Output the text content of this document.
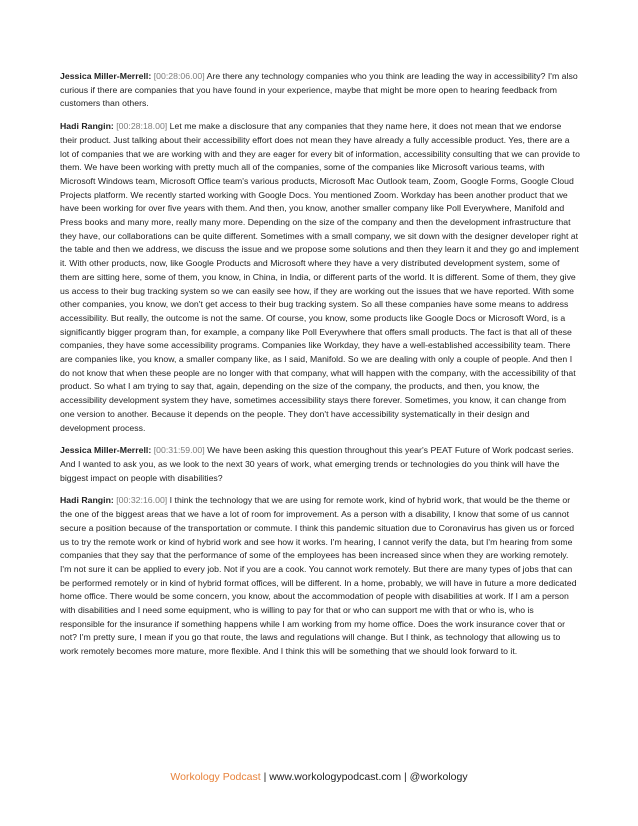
Jessica Miller-Merrell: [00:28:06.00] Are there any technology companies who you think are leading the way in accessibility? I'm also curious if there are companies that you have found in your experience, maybe that might be more open to hearing feedback from customers than others.

Hadi Rangin: [00:28:18.00] Let me make a disclosure that any companies that they name here, it does not mean that we endorse their product. Just talking about their accessibility effort does not mean they have already a fully accessible product. Yes, there are a lot of companies that we are working with and they are eager for every bit of information, accessibility consulting that we can provide to them. We have been working with pretty much all of the companies, some of the companies like Microsoft various teams, with Microsoft Windows team, Microsoft Office team's various products, Microsoft Mac Outlook team, Zoom, Google Forms, Google Cloud Projects platform. We recently started working with Google Docs. You mentioned Zoom. Workday has been another product that we have been working for over five years with them. And then, you know, another smaller company like Poll Everywhere, Manifold and Press books and many more, really many more. Depending on the size of the company and then the development infrastructure that they have, our collaborations can be quite different. Sometimes with a small company, we sit down with the designer developer right at the table and then we address, we discuss the issue and we propose some solutions and then they learn it and they go and implement it. With other products, now, like Google Products and Microsoft where they have a very distributed development system, some of them are sitting here, some of them, you know, in China, in India, or different parts of the world. It is different. Some of them, they give us access to their bug tracking system so we can easily see how, if they are working out the issues that we have reported. With some other companies, you know, we don't get access to their bug tracking system. So all these companies have some means to address accessibility. But really, the outcome is not the same. Of course, you know, some products like Google Docs or Microsoft Word, is a significantly bigger program than, for example, a company like Poll Everywhere that offers small products. The fact is that all of these companies, they have some accessibility programs. Companies like Workday, they have a well-established accessibility team. There are companies like, you know, a smaller company like, as I said, Manifold. So we are dealing with only a couple of people. And then I do not know that when these people are no longer with that company, what will happen with the company, with the accessibility of that product. So what I am trying to say that, again, depending on the size of the company, the products, and then, you know, the accessibility development system they have, sometimes accessibility stays there forever. Sometimes, you know, it can change from one version to another. Because it depends on the people. They don't have accessibility systematically in their design and development process.

Jessica Miller-Merrell: [00:31:59.00] We have been asking this question throughout this year's PEAT Future of Work podcast series. And I wanted to ask you, as we look to the next 30 years of work, what emerging trends or technologies do you think will have the biggest impact on people with disabilities?

Hadi Rangin: [00:32:16.00] I think the technology that we are using for remote work, kind of hybrid work, that would be the theme or the one of the biggest areas that we have a lot of room for improvement. As a person with a disability, I know that some of us cannot secure a position because of the transportation or commute. I think this pandemic situation due to Coronavirus has given us or forced us to try the remote work or kind of hybrid work and see how it works. I'm hearing, I cannot verify the data, but I'm hearing from some companies that they say that the performance of some of the employees has been increased since when they are working remotely. I'm not sure it can be applied to every job. Not if you are a cook. You cannot work remotely. But there are many types of jobs that can be performed remotely or in kind of hybrid format offices, will be different. In a home, probably, we will have in future a more dedicated home office. There would be some concern, you know, about the accommodation of people with disabilities at work. If I am a person with disabilities and I need some equipment, who is willing to pay for that or who can support me with that or who is, who is responsible for the insurance if something happens while I am working from my home office. Does the work insurance cover that or not? I'm pretty sure, I mean if you go that route, the laws and regulations will change. But I think, as technology that allowing us to work remotely becomes more mature, more flexible. And I think this will be something that we should look forward to it.

Workology Podcast | www.workologypodcast.com | @workology
